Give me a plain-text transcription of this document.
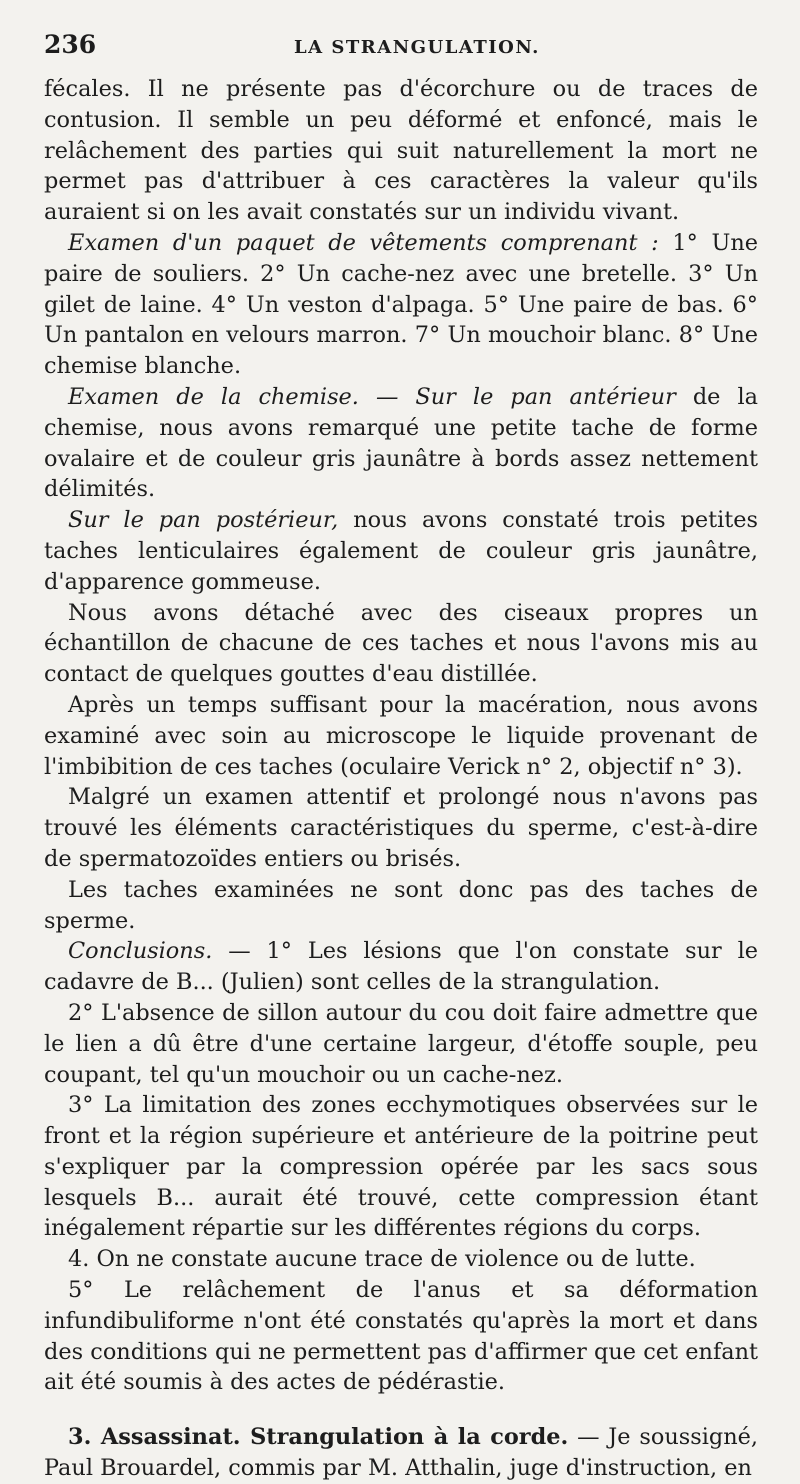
236	LA STRANGULATION.

fécales. Il ne présente pas d'écorchure ou de traces de contusion. Il semble un peu déformé et enfoncé, mais le relâchement des parties qui suit naturellement la mort ne permet pas d'attribuer à ces caractères la valeur qu'ils auraient si on les avait constatés sur un individu vivant.

Examen d'un paquet de vêtements comprenant : 1° Une paire de souliers. 2° Un cache-nez avec une bretelle. 3° Un gilet de laine. 4° Un veston d'alpaga. 5° Une paire de bas. 6° Un pantalon en velours marron. 7° Un mouchoir blanc. 8° Une chemise blanche.

Examen de la chemise. — Sur le pan antérieur de la chemise, nous avons remarqué une petite tache de forme ovalaire et de couleur gris jaunâtre à bords assez nettement délimités.

Sur le pan postérieur, nous avons constaté trois petites taches lenticulaires également de couleur gris jaunâtre, d'apparence gommeuse.

Nous avons détaché avec des ciseaux propres un échantillon de chacune de ces taches et nous l'avons mis au contact de quelques gouttes d'eau distillée.

Après un temps suffisant pour la macération, nous avons examiné avec soin au microscope le liquide provenant de l'imbibition de ces taches (oculaire Verick n° 2, objectif n° 3).

Malgré un examen attentif et prolongé nous n'avons pas trouvé les éléments caractéristiques du sperme, c'est-à-dire de spermatozoïdes entiers ou brisés.

Les taches examinées ne sont donc pas des taches de sperme.

Conclusions. — 1° Les lésions que l'on constate sur le cadavre de B... (Julien) sont celles de la strangulation.

2° L'absence de sillon autour du cou doit faire admettre que le lien a dû être d'une certaine largeur, d'étoffe souple, peu coupant, tel qu'un mouchoir ou un cache-nez.

3° La limitation des zones ecchymotiques observées sur le front et la région supérieure et antérieure de la poitrine peut s'expliquer par la compression opérée par les sacs sous lesquels B... aurait été trouvé, cette compression étant inégalement répartie sur les différentes régions du corps.

4. On ne constate aucune trace de violence ou de lutte.

5° Le relâchement de l'anus et sa déformation infundibuliforme n'ont été constatés qu'après la mort et dans des conditions qui ne permettent pas d'affirmer que cet enfant ait été soumis à des actes de pédérastie.

3. Assassinat. Strangulation à la corde. — Je soussigné, Paul Brouardel, commis par M. Atthalin, juge d'instruction, en
